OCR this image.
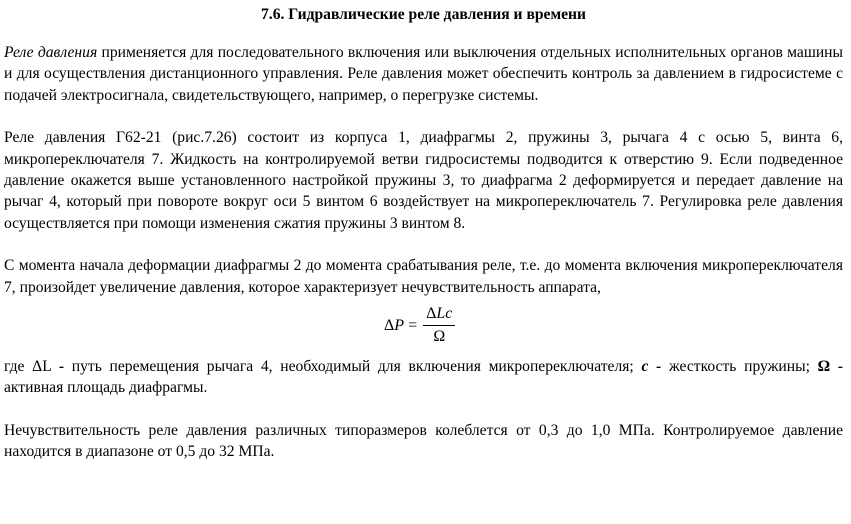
7.6. Гидравлические реле давления и времени

Реле давления применяется для последовательного включения или выключения отдельных исполнительных органов машины и для осуществления дистанционного управления. Реле давления может обеспечить контроль за давлением в гидросистеме с подачей электросигнала, свидетельствующего, например, о перегрузке системы.

Реле давления Г62-21 (рис.7.26) состоит из корпуса 1, диафрагмы 2, пружины 3, рычага 4 с осью 5, винта 6, микропереключателя 7. Жидкость на контролируемой ветви гидросистемы подводится к отверстию 9. Если подведенное давление окажется выше установленного настройкой пружины 3, то диафрагма 2 деформируется и передает давление на рычаг 4, который при повороте вокруг оси 5 винтом 6 воздействует на микропереключатель 7. Регулировка реле давления осуществляется при помощи изменения сжатия пружины 3 винтом 8.

С момента начала деформации диафрагмы 2 до момента срабатывания реле, т.е. до момента включения микропереключателя 7, произойдет увеличение давления, которое характеризует нечувствительность аппарата,

$\Delta P = \frac{\text{ΔLc}}{\Omega}$

где ΔL - путь перемещения рычага 4, необходимый для включения микропереключателя; c - жесткость пружины; Ω - активная площадь диафрагмы.

Нечувствительность реле давления различных типоразмеров колеблется от 0,3 до 1,0 МПа. Контролируемое давление находится в диапазоне от 0,5 до 32 МПа.
